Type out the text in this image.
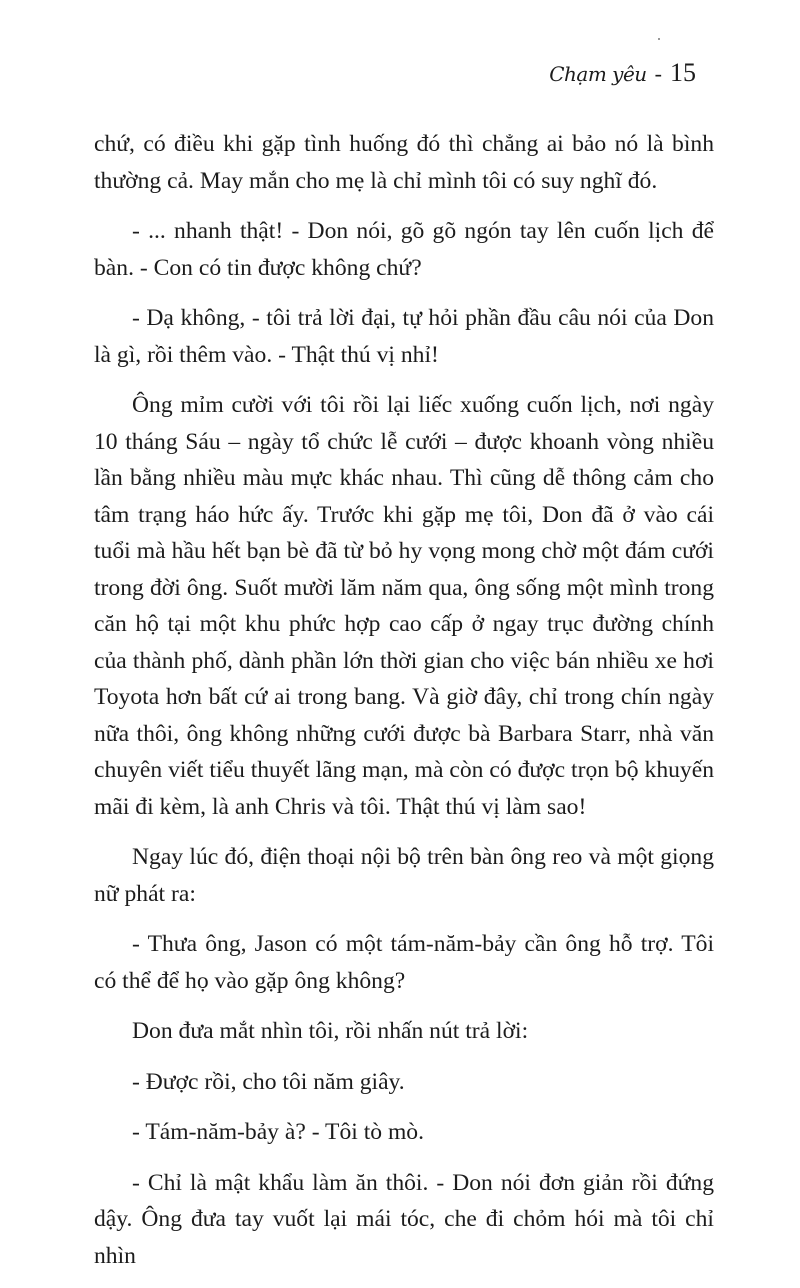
Chạm yêu - 15

chứ, có điều khi gặp tình huống đó thì chẳng ai bảo nó là bình thường cả. May mắn cho mẹ là chỉ mình tôi có suy nghĩ đó.

- ... nhanh thật! - Don nói, gõ gõ ngón tay lên cuốn lịch để bàn. - Con có tin được không chứ?

- Dạ không, - tôi trả lời đại, tự hỏi phần đầu câu nói của Don là gì, rồi thêm vào. - Thật thú vị nhỉ!

Ông mỉm cười với tôi rồi lại liếc xuống cuốn lịch, nơi ngày 10 tháng Sáu – ngày tổ chức lễ cưới – được khoanh vòng nhiều lần bằng nhiều màu mực khác nhau. Thì cũng dễ thông cảm cho tâm trạng háo hức ấy. Trước khi gặp mẹ tôi, Don đã ở vào cái tuổi mà hầu hết bạn bè đã từ bỏ hy vọng mong chờ một đám cưới trong đời ông. Suốt mười lăm năm qua, ông sống một mình trong căn hộ tại một khu phức hợp cao cấp ở ngay trục đường chính của thành phố, dành phần lớn thời gian cho việc bán nhiều xe hơi Toyota hơn bất cứ ai trong bang. Và giờ đây, chỉ trong chín ngày nữa thôi, ông không những cưới được bà Barbara Starr, nhà văn chuyên viết tiểu thuyết lãng mạn, mà còn có được trọn bộ khuyến mãi đi kèm, là anh Chris và tôi. Thật thú vị làm sao!

Ngay lúc đó, điện thoại nội bộ trên bàn ông reo và một giọng nữ phát ra:

- Thưa ông, Jason có một tám-năm-bảy cần ông hỗ trợ. Tôi có thể để họ vào gặp ông không?

Don đưa mắt nhìn tôi, rồi nhấn nút trả lời:

- Được rồi, cho tôi năm giây.

- Tám-năm-bảy à? - Tôi tò mò.

- Chỉ là mật khẩu làm ăn thôi. - Don nói đơn giản rồi đứng dậy. Ông đưa tay vuốt lại mái tóc, che đi chỏm hói mà tôi chỉ nhìn
